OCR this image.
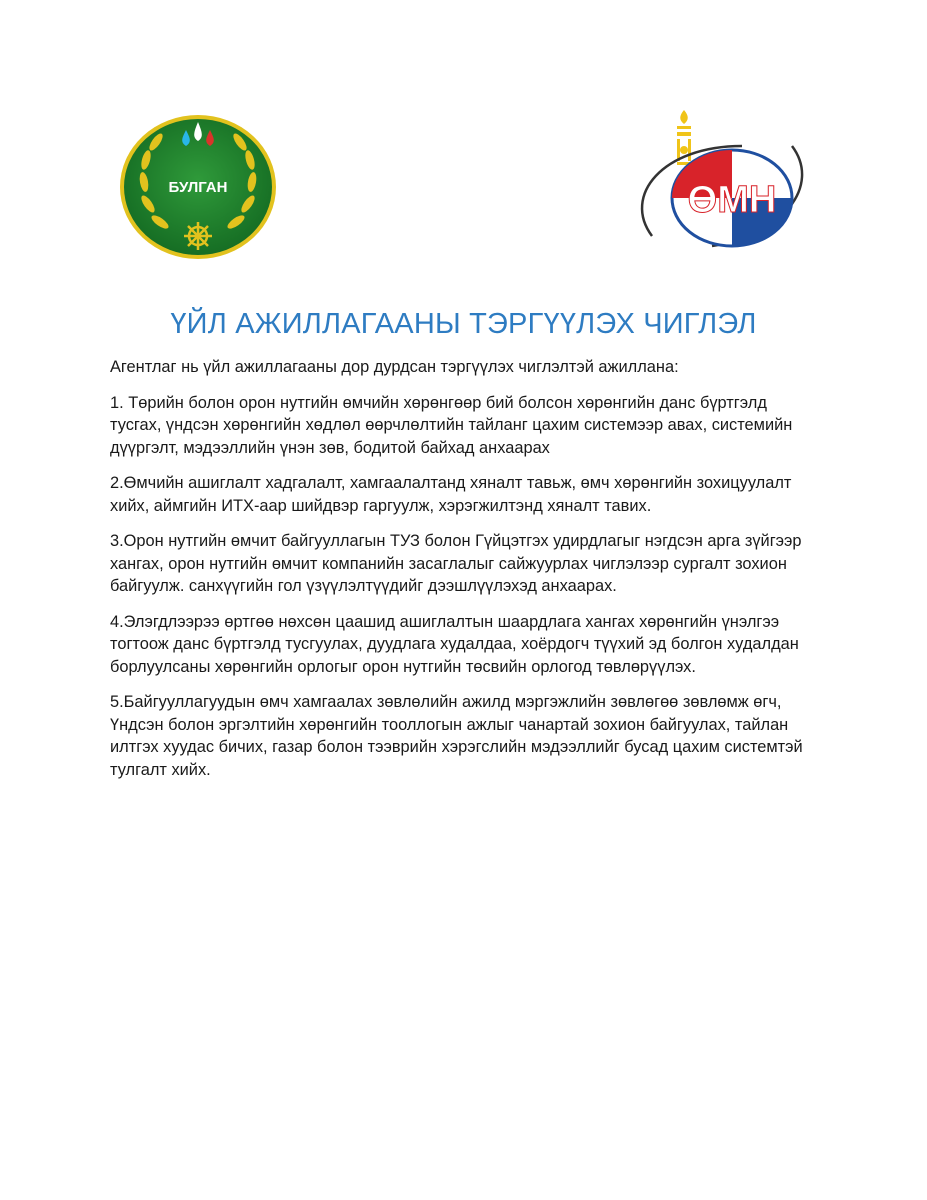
БУЛГАН	ӨМН
ҮЙЛ АЖИЛЛАГААНЫ ТЭРГҮҮЛЭХ ЧИГЛЭЛ

Агентлаг нь үйл ажиллагааны дор дурдсан тэргүүлэх чиглэлтэй ажиллана:

1. Төрийн болон орон нутгийн өмчийн хөрөнгөөр бий болсон хөрөнгийн данс бүртгэлд тусгах, үндсэн хөрөнгийн хөдлөл өөрчлөлтийн тайланг цахим системээр авах, системийн дүүргэлт, мэдээллийн үнэн зөв, бодитой байхад анхаарах

2.Өмчийн ашиглалт хадгалалт, хамгаалалтанд хяналт тавьж, өмч хөрөнгийн зохицуулалт хийх, аймгийн ИТХ-аар шийдвэр гаргуулж, хэрэгжилтэнд хяналт тавих.

3.Орон нутгийн өмчит байгууллагын ТУЗ болон Гүйцэтгэх удирдлагыг нэгдсэн арга зүйгээр хангах, орон нутгийн өмчит компанийн засаглалыг сайжуурлах чиглэлээр сургалт зохион байгуулж. санхүүгийн гол үзүүлэлтүүдийг дээшлүүлэхэд анхаарах.

4.Элэгдлээрээ өртгөө нөхсөн цаашид ашиглалтын шаардлага хангах хөрөнгийн үнэлгээ тогтоож данс бүртгэлд тусгуулах, дуудлага худалдаа, хоёрдогч түүхий эд болгон худалдан борлуулсаны хөрөнгийн орлогыг орон нутгийн төсвийн орлогод төвлөрүүлэх.

5.Байгууллагуудын өмч хамгаалах зөвлөлийн ажилд мэргэжлийн зөвлөгөө зөвлөмж өгч, Үндсэн болон эргэлтийн хөрөнгийн тооллогын ажлыг чанартай зохион байгуулах, тайлан илтгэх хуудас бичих, газар болон тээврийн хэрэгслийн мэдээллийг бусад цахим системтэй тулгалт хийх.
